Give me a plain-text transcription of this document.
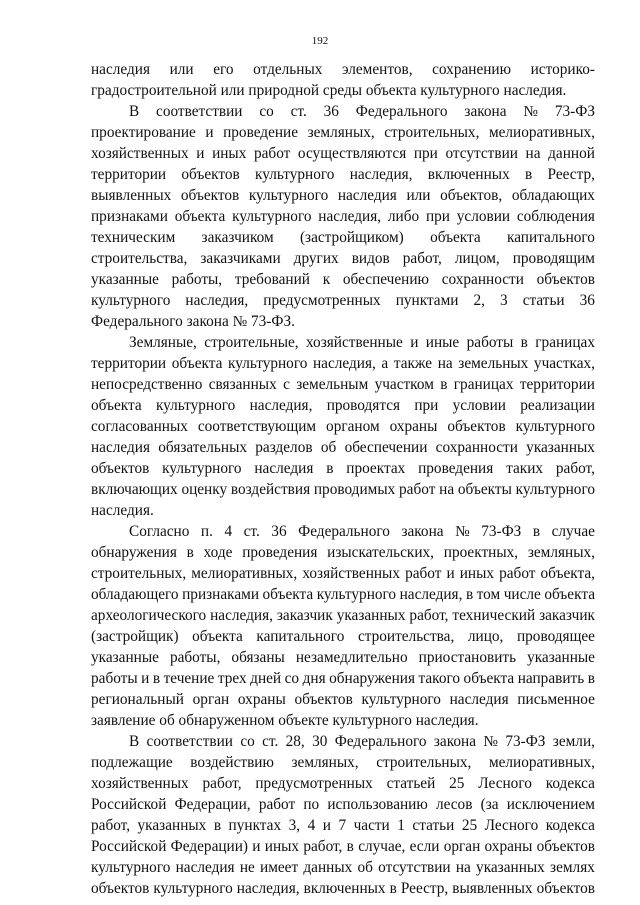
192
наследия или его отдельных элементов, сохранению историко-
градостроительной или природной среды объекта культурного наследия.
В соответствии со ст. 36 Федерального закона № 73-ФЗ
проектирование и проведение земляных, строительных, мелиоративных,
хозяйственных и иных работ осуществляются при отсутствии на данной
территории объектов культурного наследия, включенных в Реестр,
выявленных объектов культурного наследия или объектов, обладающих
признаками объекта культурного наследия, либо при условии соблюдения
техническим заказчиком (застройщиком) объекта капитального
строительства, заказчиками других видов работ, лицом, проводящим
указанные работы, требований к обеспечению сохранности объектов
культурного наследия, предусмотренных пунктами 2, 3 статьи 36
Федерального закона № 73-ФЗ.
Земляные, строительные, хозяйственные и иные работы в границах
территории объекта культурного наследия, а также на земельных участках,
непосредственно связанных с земельным участком в границах территории
объекта культурного наследия, проводятся при условии реализации
согласованных соответствующим органом охраны объектов культурного
наследия обязательных разделов об обеспечении сохранности указанных
объектов культурного наследия в проектах проведения таких работ,
включающих оценку воздействия проводимых работ на объекты культурного
наследия.
Согласно п. 4 ст. 36 Федерального закона № 73-ФЗ в случае
обнаружения в ходе проведения изыскательских, проектных, земляных,
строительных, мелиоративных, хозяйственных работ и иных работ объекта,
обладающего признаками объекта культурного наследия, в том числе объекта
археологического наследия, заказчик указанных работ, технический заказчик
(застройщик) объекта капитального строительства, лицо, проводящее
указанные работы, обязаны незамедлительно приостановить указанные
работы и в течение трех дней со дня обнаружения такого объекта направить в
региональный орган охраны объектов культурного наследия письменное
заявление об обнаруженном объекте культурного наследия.
В соответствии со ст. 28, 30 Федерального закона № 73-ФЗ земли,
подлежащие воздействию земляных, строительных, мелиоративных,
хозяйственных работ, предусмотренных статьей 25 Лесного кодекса
Российской Федерации, работ по использованию лесов (за исключением
работ, указанных в пунктах 3, 4 и 7 части 1 статьи 25 Лесного кодекса
Российской Федерации) и иных работ, в случае, если орган охраны объектов
культурного наследия не имеет данных об отсутствии на указанных землях
объектов культурного наследия, включенных в Реестр, выявленных объектов
